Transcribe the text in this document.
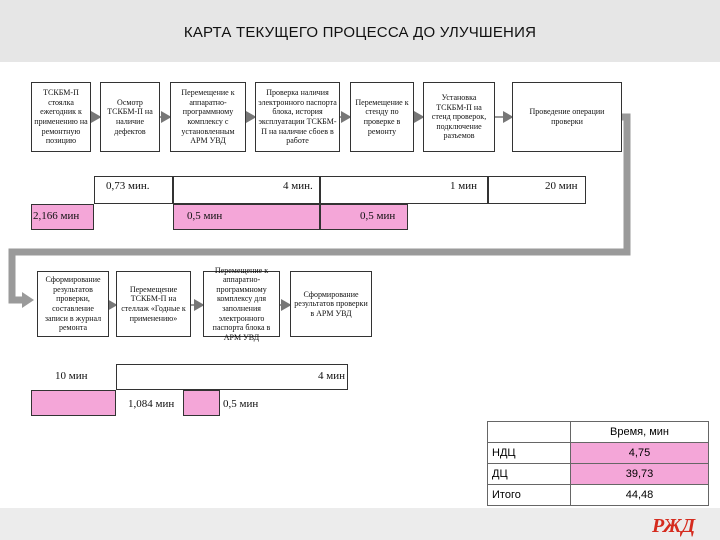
КАРТА ТЕКУЩЕГО ПРОЦЕССА ДО УЛУЧШЕНИЯ
ТСКБМ-П стоялка ежегодник к применению на ремонтную позицию
Осмотр ТСКБМ-П на наличие дефектов
Перемещение к аппаратно-программному комплексу с установленным АРМ УВД
Проверка наличия электронного паспорта блока, история эксплуатации ТСКБМ-П на наличие сбоев в работе
Перемещение к стенду по проверке в ремонту
Установка ТСКБМ-П на стенд проверок, подключение разъемов
Проведение операции проверки
0,73 мин.	4 мин.	1 мин	20 мин
2,166 мин	0,5 мин	0,5 мин
Сформирование результатов проверки, составление записи в журнал ремонта
Перемещение ТСКБМ-П на стеллаж «Годные к применению»
Перемещение к аппаратно-программному комплексу для заполнения электронного паспорта блока в АРМ УВД
Сформирование результатов проверки в АРМ УВД
10 мин	4 мин
1,084 мин	0,5 мин
	Время, мин
НДЦ	4,75
ДЦ	39,73
Итого	44,48
РЖД
